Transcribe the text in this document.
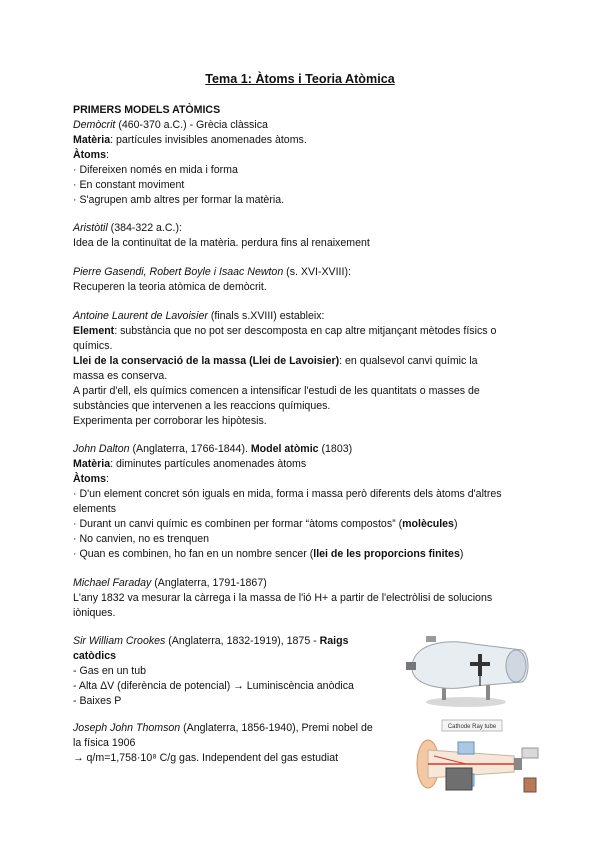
Tema 1: Àtoms i Teoria Atòmica
PRIMERS MODELS ATÒMICS
Demòcrit (460-370 a.C.) - Grècia clàssica
Matèria: partícules invisibles anomenades àtoms.
Àtoms:
· Difereixen només en mida i forma
· En constant moviment
· S'agrupen amb altres per formar la matèria.
Aristòtil (384-322 a.C.):
Idea de la continuïtat de la matèria. perdura fins al renaixement
Pierre Gasendi, Robert Boyle i Isaac Newton (s. XVI-XVIII):
Recuperen la teoria atòmica de demòcrit.
Antoine Laurent de Lavoisier (finals s.XVIII) estableix:
Element: substància que no pot ser descomposta en cap altre mitjançant mètodes físics o
químics.
Llei de la conservació de la massa (Llei de Lavoisier): en qualsevol canvi químic la
massa es conserva.
A partir d'ell, els químics comencen a intensificar l'estudi de les quantitats o masses de
substàncies que intervenen a les reaccions químiques.
Experimenta per corroborar les hipòtesis.
John Dalton (Anglaterra, 1766-1844). Model atòmic (1803)
Matèria: diminutes partícules anomenades àtoms
Àtoms:
· D'un element concret són iguals en mida, forma i massa però diferents dels àtoms d'altres
elements
· Durant un canvi químic es combinen per formar “àtoms compostos” (molècules)
· No canvien, no es trenquen
· Quan es combinen, ho fan en un nombre sencer (llei de les proporcions finites)
Michael Faraday (Anglaterra, 1791-1867)
L'any 1832 va mesurar la càrrega i la massa de l'ió H+ a partir de l'electròlisi de solucions
iòniques.
Sir William Crookes (Anglaterra, 1832-1919), 1875 - Raigs
catòdics
- Gas en un tub
- Alta ΔV (diferència de potencial) → Luminiscència anòdica
- Baixes P
Joseph John Thomson (Anglaterra, 1856-1940), Premi nobel de
la física 1906
→ q/m=1,758·10⁸ C/g gas. Independent del gas estudiat
Cathode Ray tube
